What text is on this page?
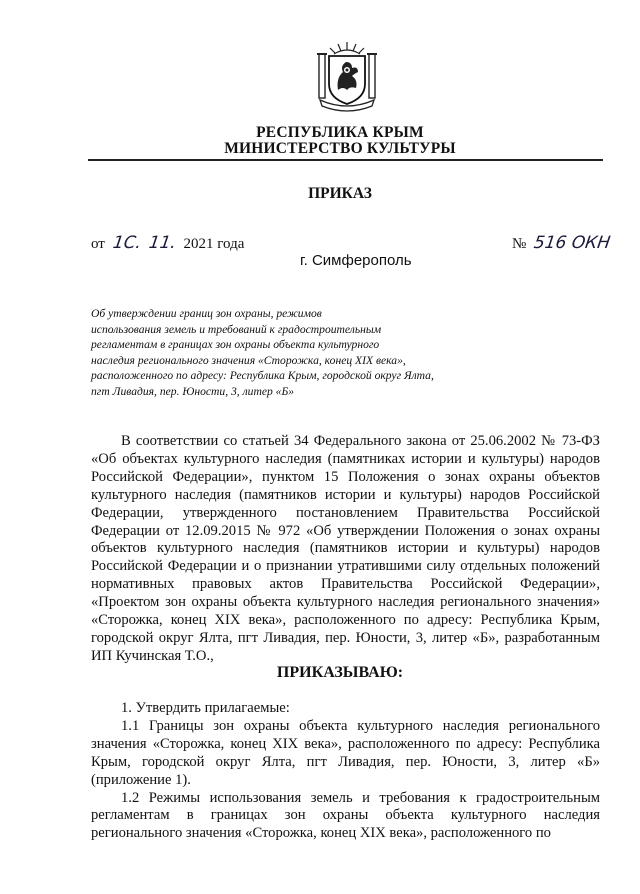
РЕСПУБЛИКА КРЫМ
МИНИСТЕРСТВО КУЛЬТУРЫ
ПРИКАЗ
от 1С. 11. 2021 года	№ 516 ОКН
г. Симферополь
Об утверждении границ зон охраны, режимов
использования земель и требований к градостроительным
регламентам в границах зон охраны объекта культурного
наследия регионального значения «Сторожка, конец XIX века»,
расположенного по адресу: Республика Крым, городской округ Ялта,
пгт Ливадия, пер. Юности, 3, литер «Б»

В соответствии со статьей 34 Федерального закона от 25.06.2002 № 73-ФЗ «Об объектах культурного наследия (памятниках истории и культуры) народов Российской Федерации», пунктом 15 Положения о зонах охраны объектов культурного наследия (памятников истории и культуры) народов Российской Федерации, утвержденного постановлением Правительства Российской Федерации от 12.09.2015 № 972 «Об утверждении Положения о зонах охраны объектов культурного наследия (памятников истории и культуры) народов Российской Федерации и о признании утратившими силу отдельных положений нормативных правовых актов Правительства Российской Федерации», «Проектом зон охраны объекта культурного наследия регионального значения» «Сторожка, конец XIX века», расположенного по адресу: Республика Крым, городской округ Ялта, пгт Ливадия, пер. Юности, 3, литер «Б», разработанным ИП Кучинская Т.О.,

ПРИКАЗЫВАЮ:

1. Утвердить прилагаемые:

1.1 Границы зон охраны объекта культурного наследия регионального значения «Сторожка, конец XIX века», расположенного по адресу: Республика Крым, городской округ Ялта, пгт Ливадия, пер. Юности, 3, литер «Б» (приложение 1).

1.2 Режимы использования земель и требования к градостроительным регламентам в границах зон охраны объекта культурного наследия регионального значения «Сторожка, конец XIX века», расположенного по
